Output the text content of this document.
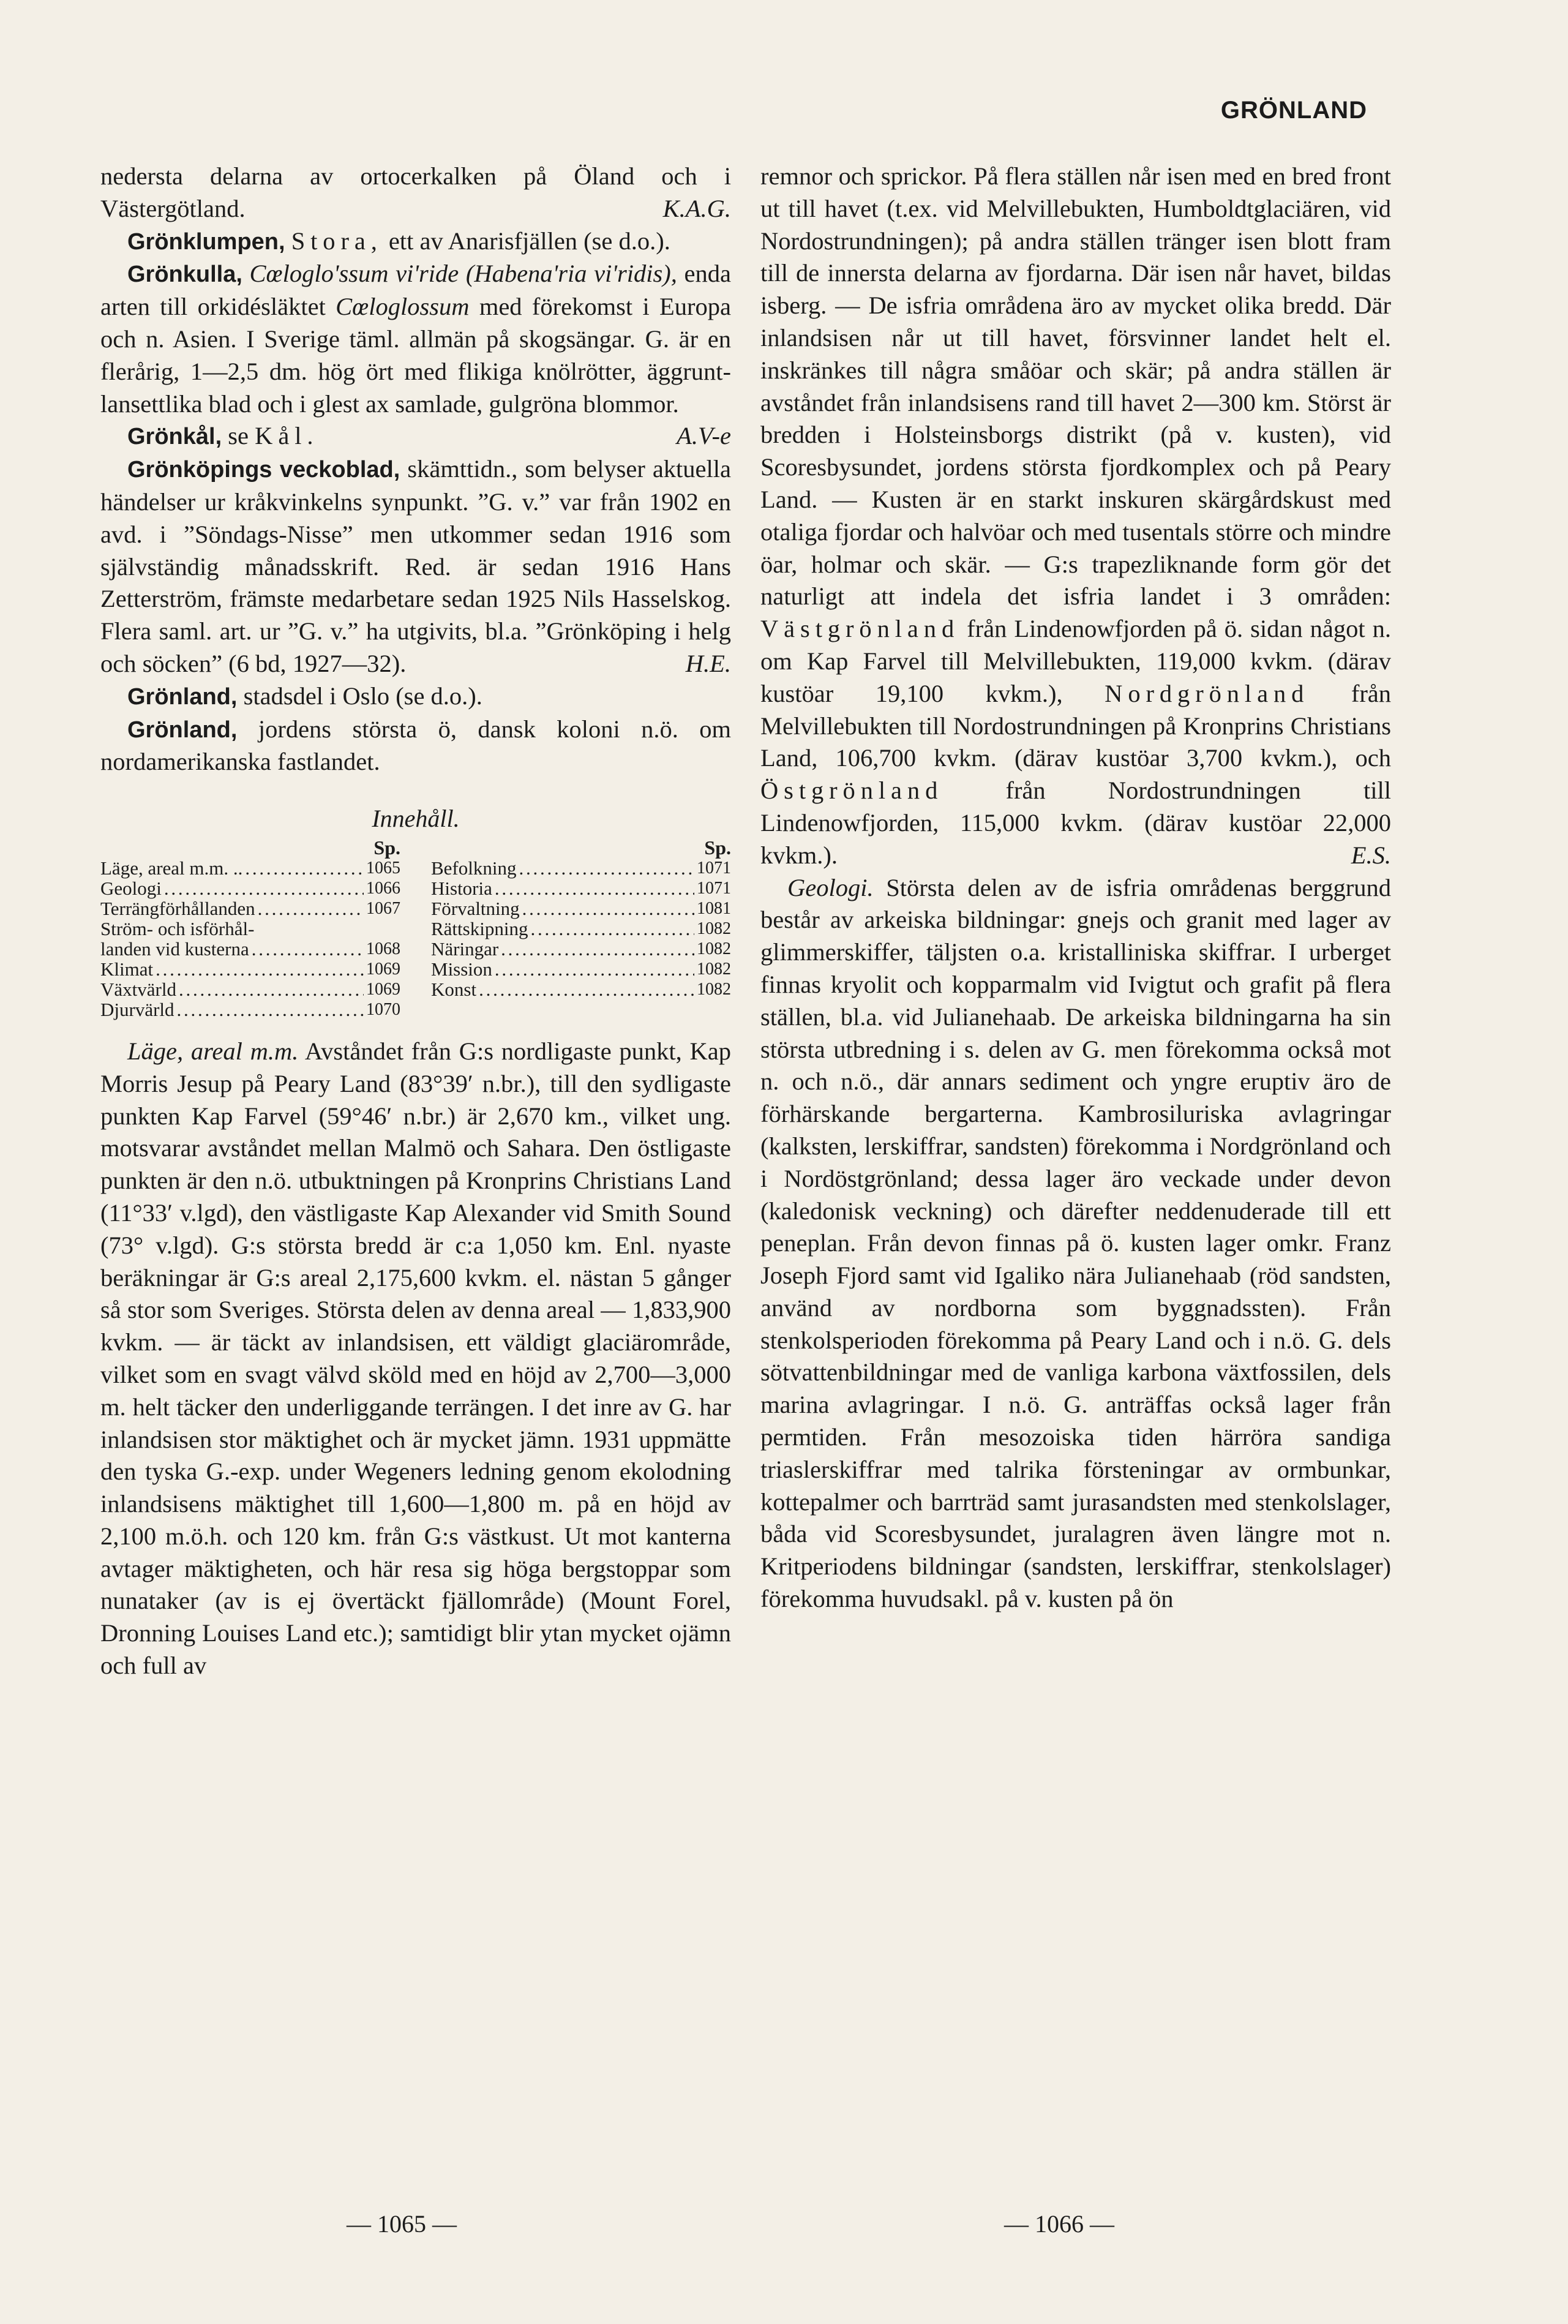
GRÖNLAND

nedersta delarna av ortocerkalken på Öland och i Västergötland.	K.A.G.

Grönklumpen, Stora, ett av Anarisfjällen (se d.o.).

Grönkulla, Cœloglo'ssum vi'ride (Habena'ria vi'ridis), enda arten till orkidésläktet Cœloglossum med förekomst i Europa och n. Asien. I Sverige täml. allmän på skogsängar. G. är en flerårig, 1—2,5 dm. hög ört med flikiga knölrötter, äggrunt-lansettlika blad och i glest ax samlade, gulgröna blommor.
A.V-e

Grönkål, se Kål.

Grönköpings veckoblad, skämttidn., som belyser aktuella händelser ur kråkvinkelns synpunkt. ”G. v.” var från 1902 en avd. i ”Söndags-Nisse” men utkommer sedan 1916 som självständig månadsskrift. Red. är sedan 1916 Hans Zetterström, främste medarbetare sedan 1925 Nils Hasselskog. Flera saml. art. ur ”G. v.” ha utgivits, bl.a. ”Grönköping i helg och söcken” (6 bd, 1927—32).	H.E.

Grönland, stadsdel i Oslo (se d.o.).

Grönland, jordens största ö, dansk koloni n.ö. om nordamerikanska fastlandet.

Innehåll.
Sp.
Läge, areal m.m. .. . . .	1065
Geologi . . .	1066
Terrängförhållanden . . .	1067
Ström- och isförhål-
landen vid kusterna . . .	1068
Klimat . . .	1069
Växtvärld . . .	1069
Djurvärld . . .	1070
Sp.
Befolkning . . .	1071
Historia . . .	1071
Förvaltning . . .	1081
Rättskipning . . .	1082
Näringar . . .	1082
Mission . . .	1082
Konst . . .	1082

Läge, areal m.m. Avståndet från G:s nordligaste punkt, Kap Morris Jesup på Peary Land (83°39′ n.br.), till den sydligaste punkten Kap Farvel (59°46′ n.br.) är 2,670 km., vilket ung. motsvarar avståndet mellan Malmö och Sahara. Den östligaste punkten är den n.ö. utbuktningen på Kronprins Christians Land (11°33′ v.lgd), den västligaste Kap Alexander vid Smith Sound (73° v.lgd). G:s största bredd är c:a 1,050 km. Enl. nyaste beräkningar är G:s areal 2,175,600 kvkm. el. nästan 5 gånger så stor som Sveriges. Största delen av denna areal — 1,833,900 kvkm. — är täckt av inlandsisen, ett väldigt glaciärområde, vilket som en svagt välvd sköld med en höjd av 2,700—3,000 m. helt täcker den underliggande terrängen. I det inre av G. har inlandsisen stor mäktighet och är mycket jämn. 1931 uppmätte den tyska G.-exp. under Wegeners ledning genom ekolodning inlandsisens mäktighet till 1,600—1,800 m. på en höjd av 2,100 m.ö.h. och 120 km. från G:s västkust. Ut mot kanterna avtager mäktigheten, och här resa sig höga bergstoppar som nunataker (av is ej övertäckt fjällområde) (Mount Forel, Dronning Louises Land etc.); samtidigt blir ytan mycket ojämn och full av

remnor och sprickor. På flera ställen når isen med en bred front ut till havet (t.ex. vid Melvillebukten, Humboldtglaciären, vid Nordostrundningen); på andra ställen tränger isen blott fram till de innersta delarna av fjordarna. Där isen når havet, bildas isberg. — De isfria områdena äro av mycket olika bredd. Där inlandsisen når ut till havet, försvinner landet helt el. inskränkes till några småöar och skär; på andra ställen är avståndet från inlandsisens rand till havet 2—300 km. Störst är bredden i Holsteinsborgs distrikt (på v. kusten), vid Scoresbysundet, jordens största fjordkomplex och på Peary Land. — Kusten är en starkt inskuren skärgårdskust med otaliga fjordar och halvöar och med tusentals större och mindre öar, holmar och skär. — G:s trapezliknande form gör det naturligt att indela det isfria landet i 3 områden: Västgrönland från Lindenowfjorden på ö. sidan något n. om Kap Farvel till Melvillebukten, 119,000 kvkm. (därav kustöar 19,100 kvkm.), Nordgrönland från Melvillebukten till Nordostrundningen på Kronprins Christians Land, 106,700 kvkm. (därav kustöar 3,700 kvkm.), och Östgrönland	från Nordostrundningen till Lindenowfjorden, 115,000 kvkm. (därav kustöar 22,000 kvkm.).	E.S.

Geologi. Största delen av de isfria områdenas berggrund består av arkeiska bildningar: gnejs och granit med lager av glimmerskiffer, täljsten o.a. kristalliniska skiffrar. I urberget finnas kryolit och kopparmalm vid Ivigtut och grafit på flera ställen, bl.a. vid Julianehaab. De arkeiska bildningarna ha sin största utbredning i s. delen av G. men förekomma också mot n. och n.ö., där annars sediment och yngre eruptiv äro de förhärskande bergarterna. Kambrosiluriska avlagringar (kalksten, lerskiffrar, sandsten) förekomma i Nordgrönland och i Nordöstgrönland; dessa lager äro veckade under devon (kaledonisk veckning) och därefter neddenuderade till ett peneplan. Från devon finnas på ö. kusten lager omkr. Franz Joseph Fjord samt vid Igaliko nära Julianehaab (röd sandsten, använd av nordborna som byggnadssten). Från stenkolsperioden förekomma på Peary Land och i n.ö. G. dels sötvattenbildningar med de vanliga karbona växtfossilen, dels marina avlagringar. I n.ö. G. anträffas också lager från permtiden. Från mesozoiska tiden härröra sandiga triaslerskiffrar med talrika försteningar av ormbunkar, kottepalmer och barrträd samt jurasandsten med stenkolslager, båda vid Scoresbysundet, juralagren även längre mot n. Kritperiodens bildningar (sandsten, lerskiffrar, stenkolslager) förekomma huvudsakl. på v. kusten på ön

— 1065 —	— 1066 —
